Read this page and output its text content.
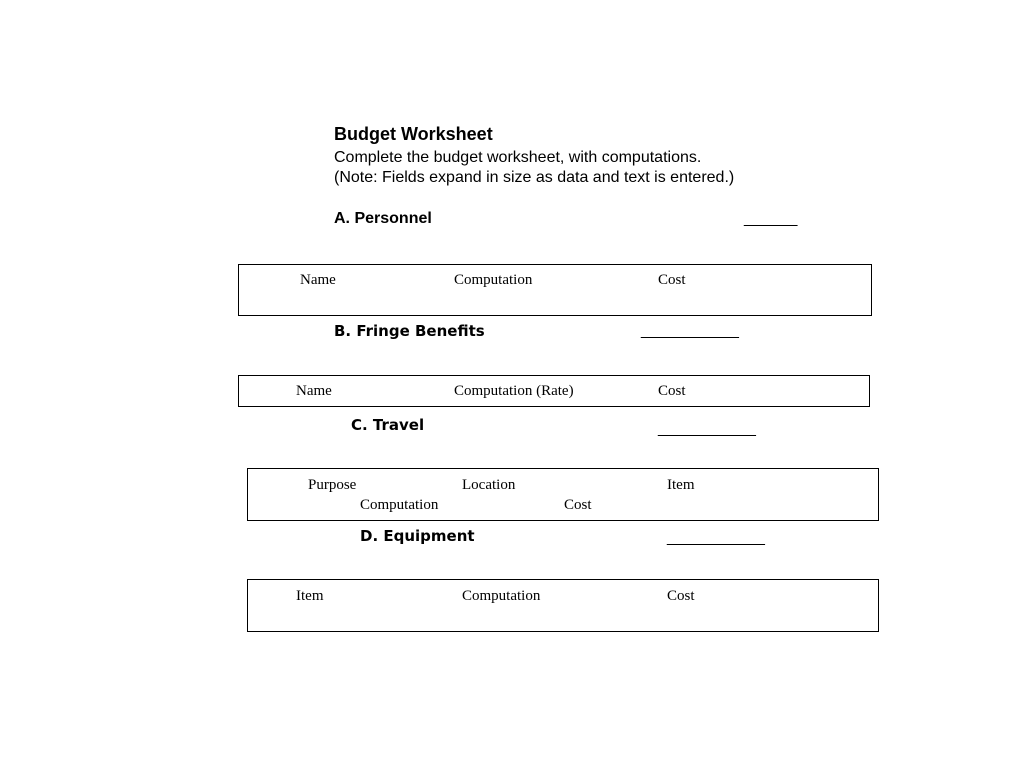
Budget Worksheet
Complete the budget worksheet, with computations.
(Note: Fields expand in size as data and text is entered.)
A. Personnel	______
Name	Computation	Cost
B. Fringe Benefits	___________
Name	Computation (Rate)	Cost
C. Travel	___________
Purpose	Location	Item
Computation	Cost
D. Equipment	___________
Item	Computation	Cost
